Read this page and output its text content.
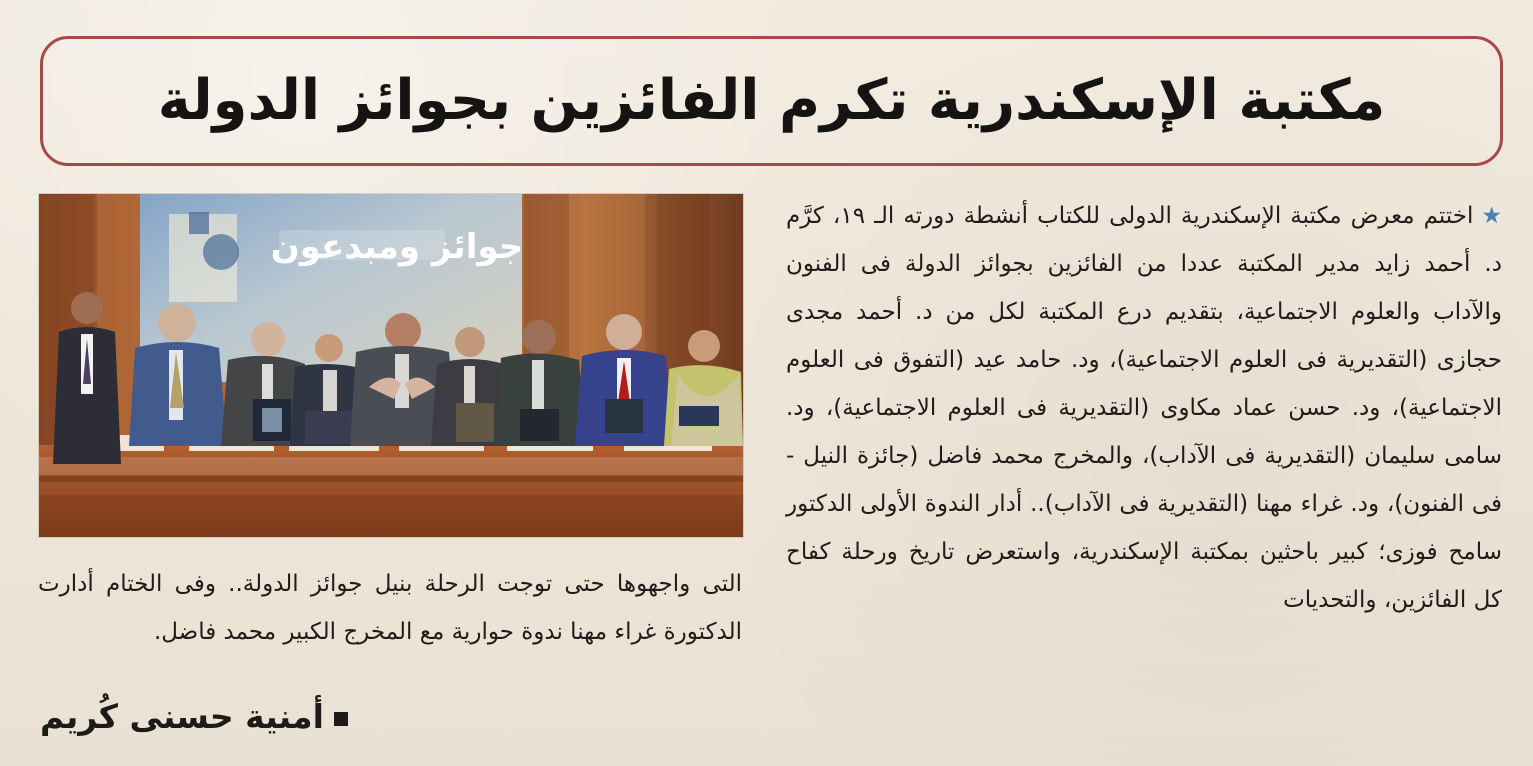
مكتبة الإسكندرية تكرم الفائزين بجوائز الدولة
★اختتم معرض مكتبة الإسكندرية الدولى للكتاب أنشطة دورته الـ ١٩، كرَّم د. أحمد زايد مدير المكتبة عددا من الفائزين بجوائز الدولة فى الفنون والآداب والعلوم الاجتماعية، بتقديم درع المكتبة لكل من د. أحمد مجدى حجازى (التقديرية فى العلوم الاجتماعية)، ود. حامد عيد (التفوق فى العلوم الاجتماعية)، ود. حسن عماد مكاوى (التقديرية فى العلوم الاجتماعية)، ود. سامى سليمان (التقديرية فى الآداب)، والمخرج محمد فاضل (جائزة النيل - فى الفنون)، ود. غراء مهنا (التقديرية فى الآداب).. أدار الندوة الأولى الدكتور سامح فوزى؛ كبير باحثين بمكتبة الإسكندرية، واستعرض تاريخ ورحلة كفاح كل الفائزين، والتحديات
جوائز ومبدعون
التى واجهوها حتى توجت الرحلة بنيل جوائز الدولة.. وفى الختام أدارت الدكتورة غراء مهنا ندوة حوارية مع المخرج الكبير محمد فاضل.
أمنية حسنى كُريم
